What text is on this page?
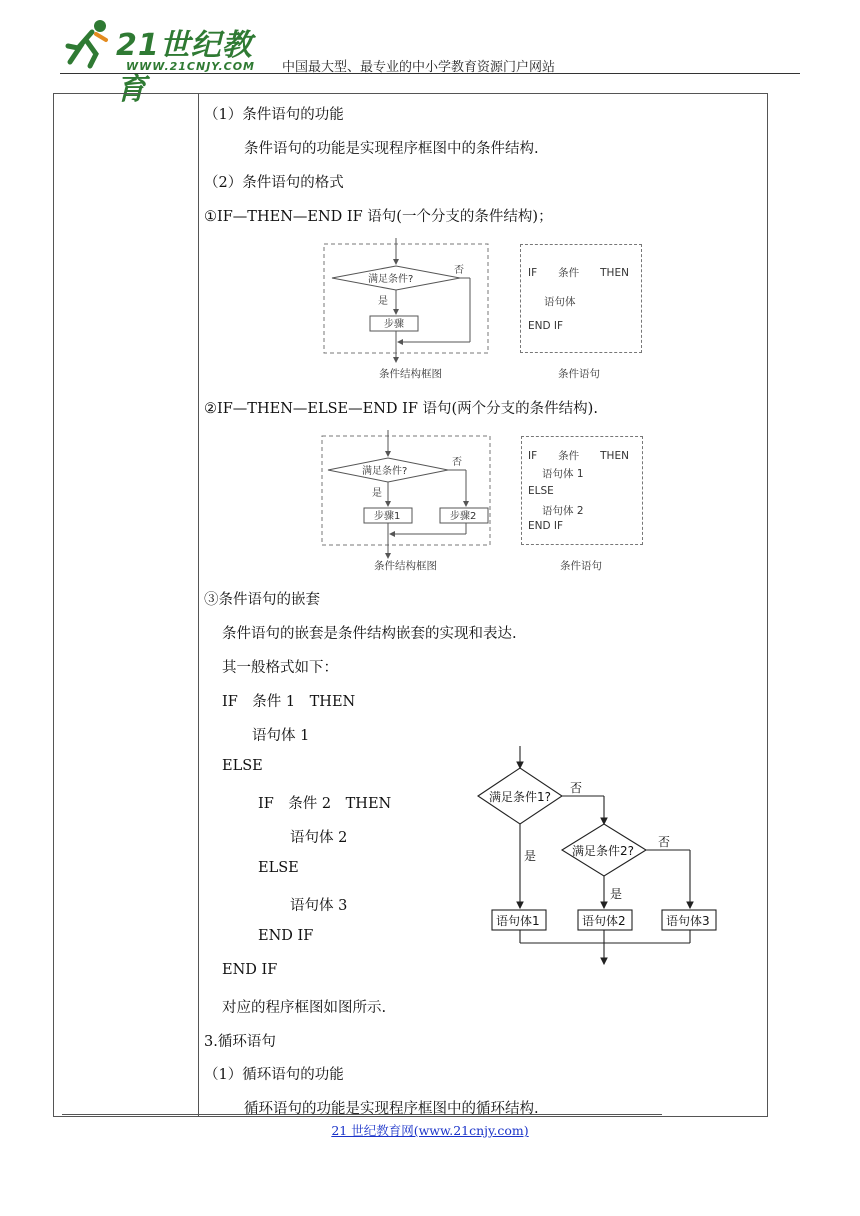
21世纪教育
WWW.21CNJY.COM 中国最大型、最专业的中小学教育资源门户网站
（1）条件语句的功能
条件语句的功能是实现程序框图中的条件结构.
（2）条件语句的格式
①IF—THEN—END IF 语句(一个分支的条件结构)；
满足条件?
否
是
步骤
IF　　条件　　THEN
语句体
END IF
条件结构框图	条件语句
②IF—THEN—ELSE—END IF 语句(两个分支的条件结构).
满足条件?
否
是
步骤1	步骤2
IF　　条件　　THEN
语句体 1
ELSE
语句体 2
END IF
条件结构框图	条件语句
③条件语句的嵌套
条件语句的嵌套是条件结构嵌套的实现和表达.
其一般格式如下：
IF　条件 1　THEN
语句体 1
ELSE
IF　条件 2　THEN
语句体 2
ELSE
语句体 3
END IF
END IF
对应的程序框图如图所示.
3.循环语句
（1）循环语句的功能
循环语句的功能是实现程序框图中的循环结构.
满足条件1?
满足条件2?
否
否
是
是
语句体1	语句体2	语句体3
21 世纪教育网(www.21cnjy.com)
